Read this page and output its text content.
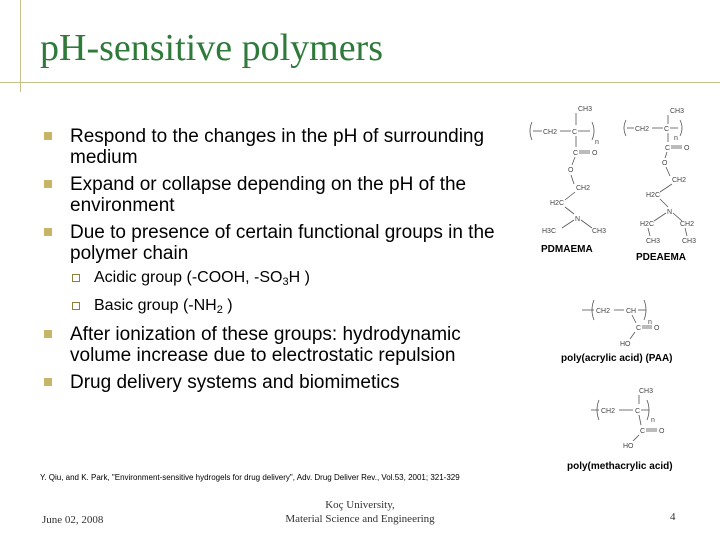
pH-sensitive polymers
Respond to the changes in the pH of surrounding medium
Expand or collapse depending on the pH of the environment
Due to presence of certain functional groups in the polymer chain
Acidic group (-COOH, $-SO_3H$ )
Basic group ($-NH_2$ )
After ionization of these groups: hydrodynamic volume increase due to electrostatic repulsion
Drug delivery systems and biomimetics
CH3
CH2 C
n
C O
O
CH2
H2C
N
H3C	CH3
PDMAEMA
CH3
CH2 C
n
C O
O
CH2
H2C
N
H2C
CH3
CH2
CH3
PDEAEMA
CH2 CH
n
C O
HO
poly(acrylic acid) (PAA)
CH3
CH2	C
n
C O
HO
poly(methacrylic acid)
Y. Qiu, and K. Park, "Environment-sensitive hydrogels for drug delivery", Adv. Drug Deliver Rev., Vol.53, 2001; 321-329
June 02, 2008
Koç University,
Material Science and Engineering	4
